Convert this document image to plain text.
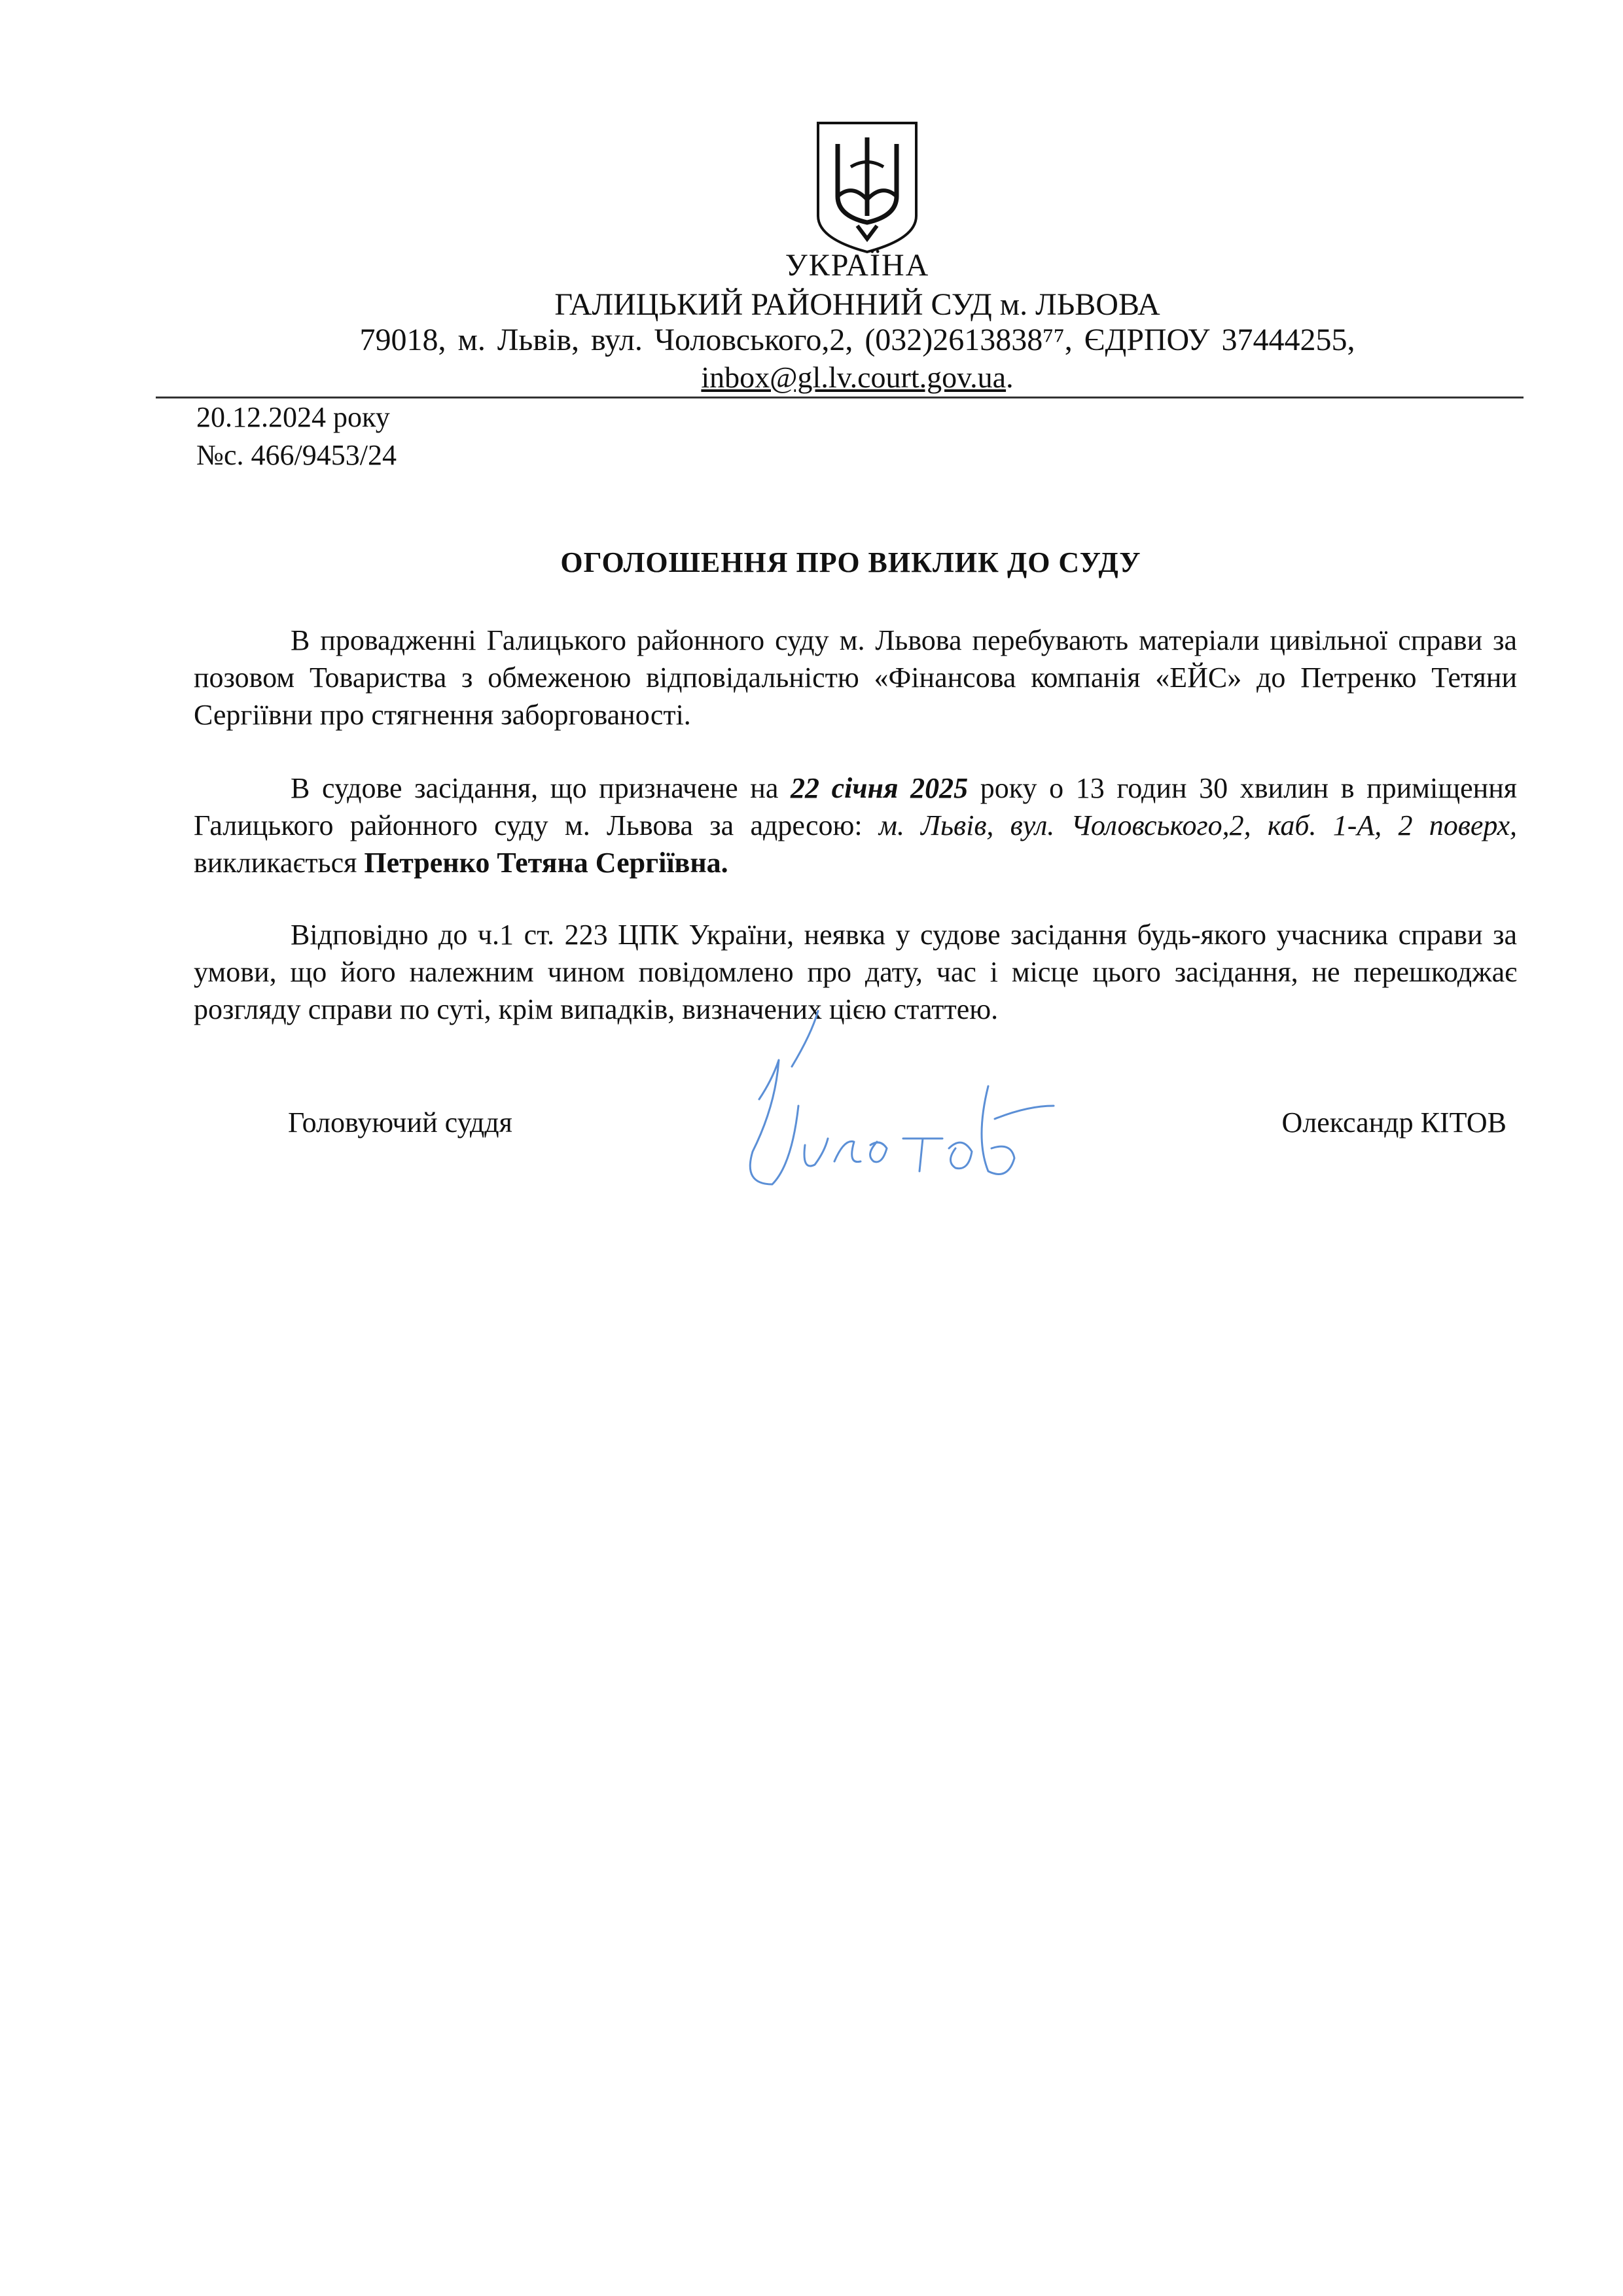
УКРАЇНА
ГАЛИЦЬКИЙ РАЙОННИЙ СУД м. ЛЬВОВА
79018, м. Львів, вул. Чоловського,2, (032)2613838⁷⁷, ЄДРПОУ 37444255,
inbox@gl.lv.court.gov.ua.
20.12.2024 року
№с. 466/9453/24
ОГОЛОШЕННЯ ПРО ВИКЛИК ДО СУДУ
В провадженні Галицького районного суду м. Львова перебувають матеріали цивільної справи за позовом Товариства з обмеженою відповідальністю «Фінансова компанія «ЕЙС» до Петренко Тетяни Сергіївни про стягнення заборгованості.
В судове засідання, що призначене на 22 січня 2025 року о 13 годин 30 хвилин в приміщення Галицького районного суду м. Львова за адресою: м. Львів, вул. Чоловського,2, каб. 1-А, 2 поверх, викликається Петренко Тетяна Сергіївна.
Відповідно до ч.1 ст. 223 ЦПК України, неявка у судове засідання будь-якого учасника справи за умови, що його належним чином повідомлено про дату, час і місце цього засідання, не перешкоджає розгляду справи по суті, крім випадків, визначених цією статтею.
Головуючий суддя	Олександр КІТОВ
